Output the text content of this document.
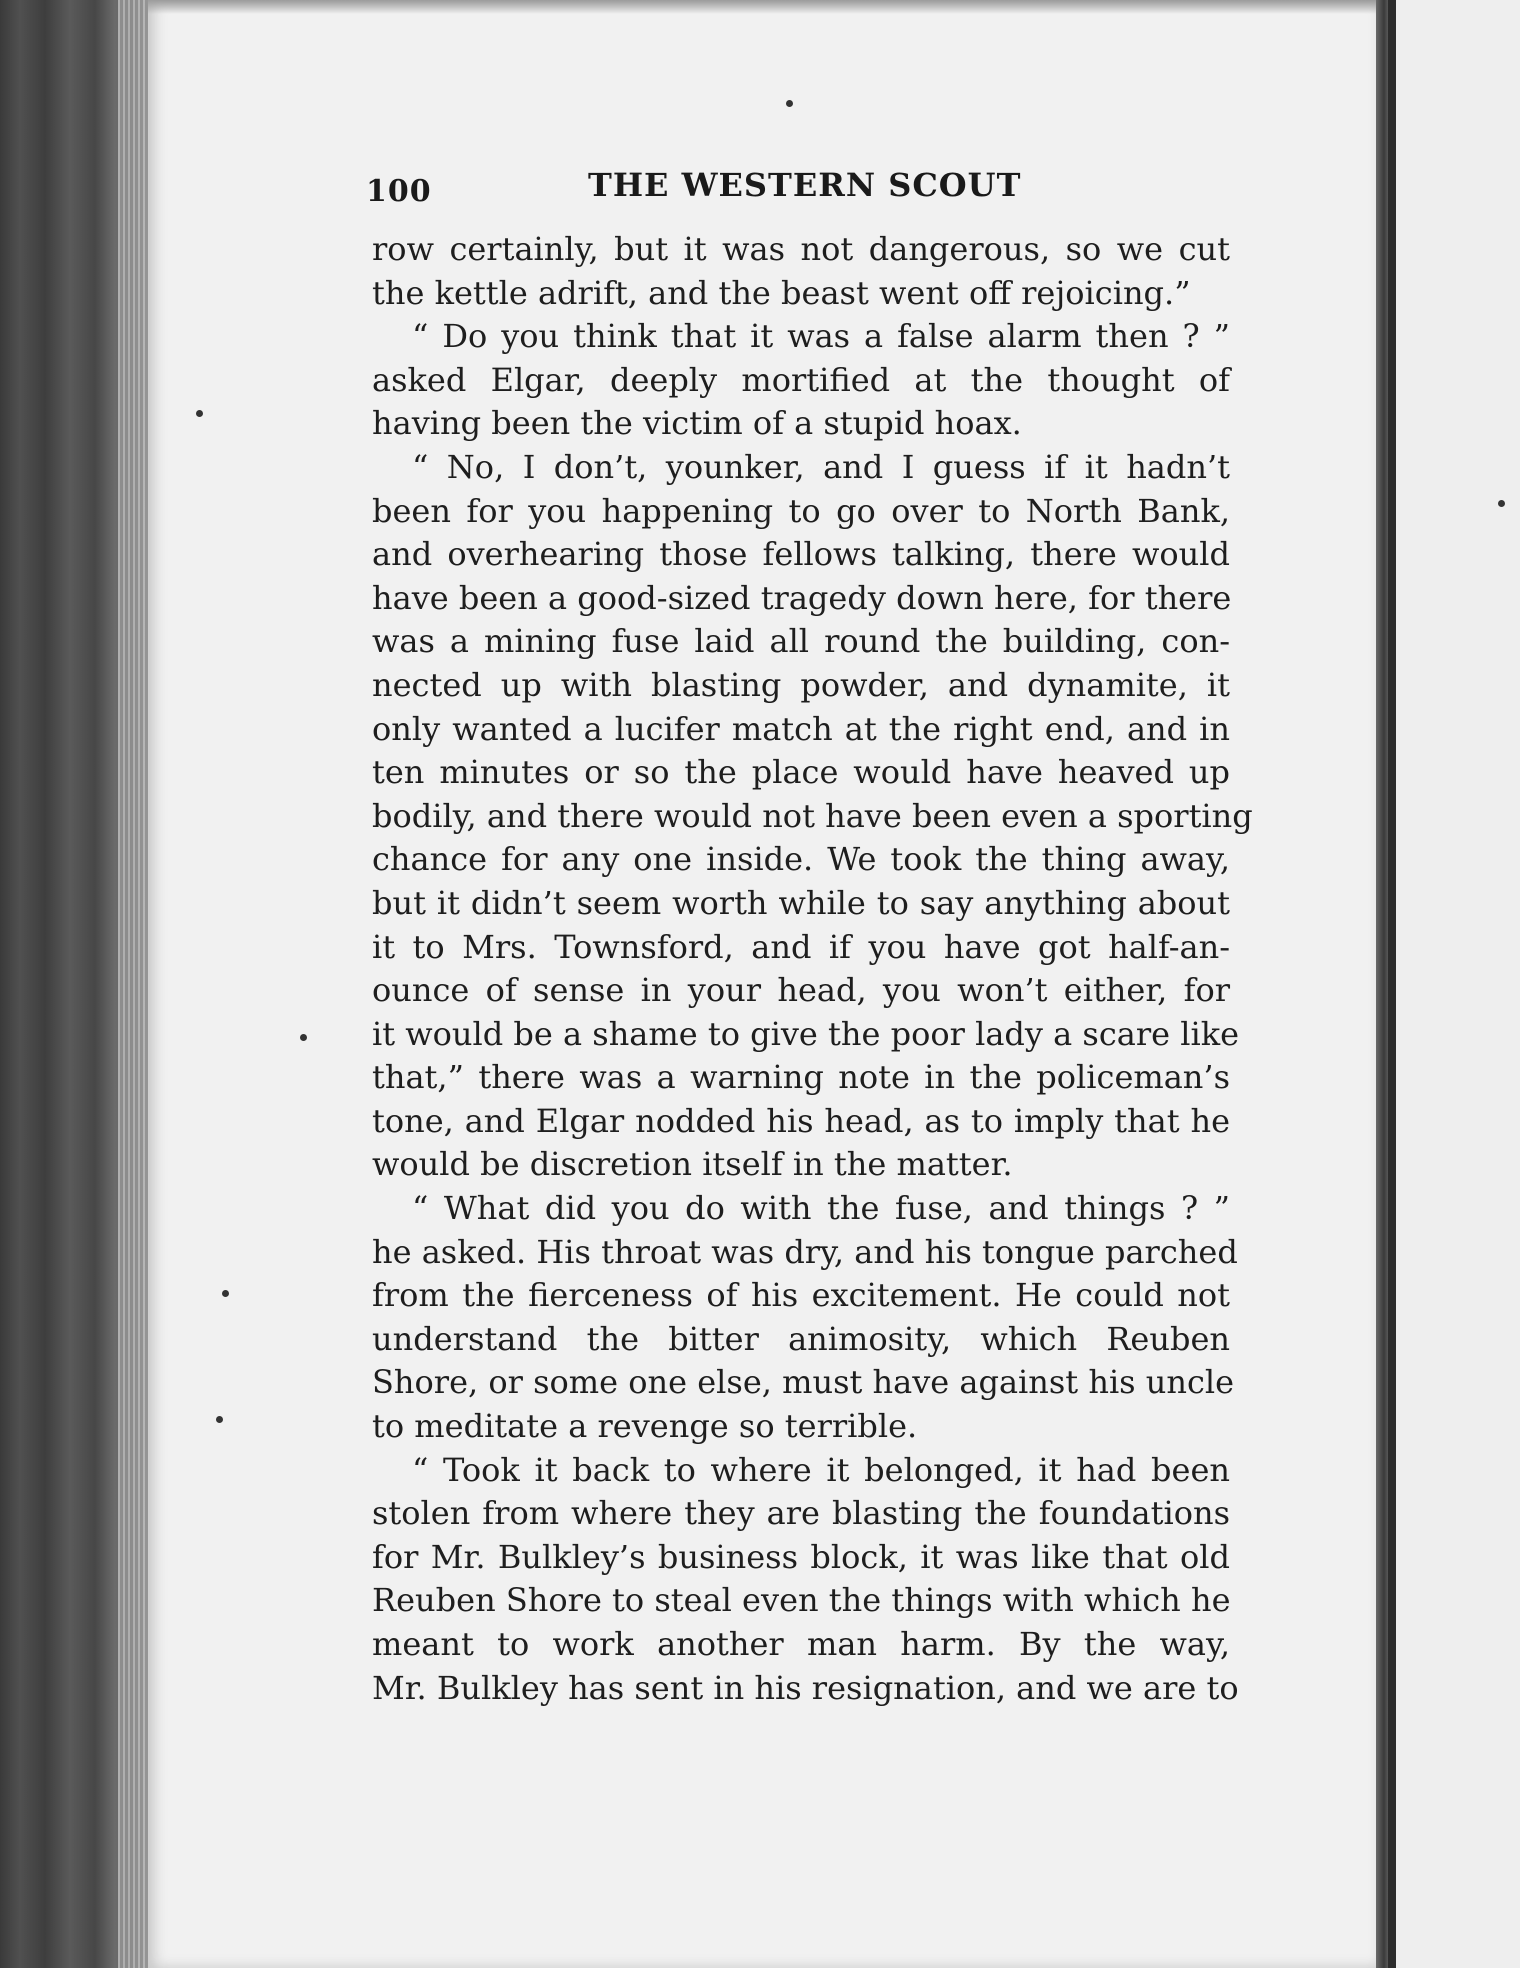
100	THE WESTERN SCOUT
row certainly, but it was not dangerous, so we cut
the kettle adrift, and the beast went off rejoicing.”
“ Do you think that it was a false alarm then ? ”
asked Elgar, deeply mortified at the thought of
having been the victim of a stupid hoax.
“ No, I don’t, younker, and I guess if it hadn’t
been for you happening to go over to North Bank,
and overhearing those fellows talking, there would
have been a good-sized tragedy down here, for there
was a mining fuse laid all round the building, con-
nected up with blasting powder, and dynamite, it
only wanted a lucifer match at the right end, and in
ten minutes or so the place would have heaved up
bodily, and there would not have been even a sporting
chance for any one inside. We took the thing away,
but it didn’t seem worth while to say anything about
it to Mrs. Townsford, and if you have got half-an-
ounce of sense in your head, you won’t either, for
it would be a shame to give the poor lady a scare like
that,” there was a warning note in the policeman’s
tone, and Elgar nodded his head, as to imply that he
would be discretion itself in the matter.
“ What did you do with the fuse, and things ? ”
he asked. His throat was dry, and his tongue parched
from the fierceness of his excitement. He could not
understand the bitter animosity, which Reuben
Shore, or some one else, must have against his uncle
to meditate a revenge so terrible.
“ Took it back to where it belonged, it had been
stolen from where they are blasting the foundations
for Mr. Bulkley’s business block, it was like that old
Reuben Shore to steal even the things with which he
meant to work another man harm. By the way,
Mr. Bulkley has sent in his resignation, and we are to
